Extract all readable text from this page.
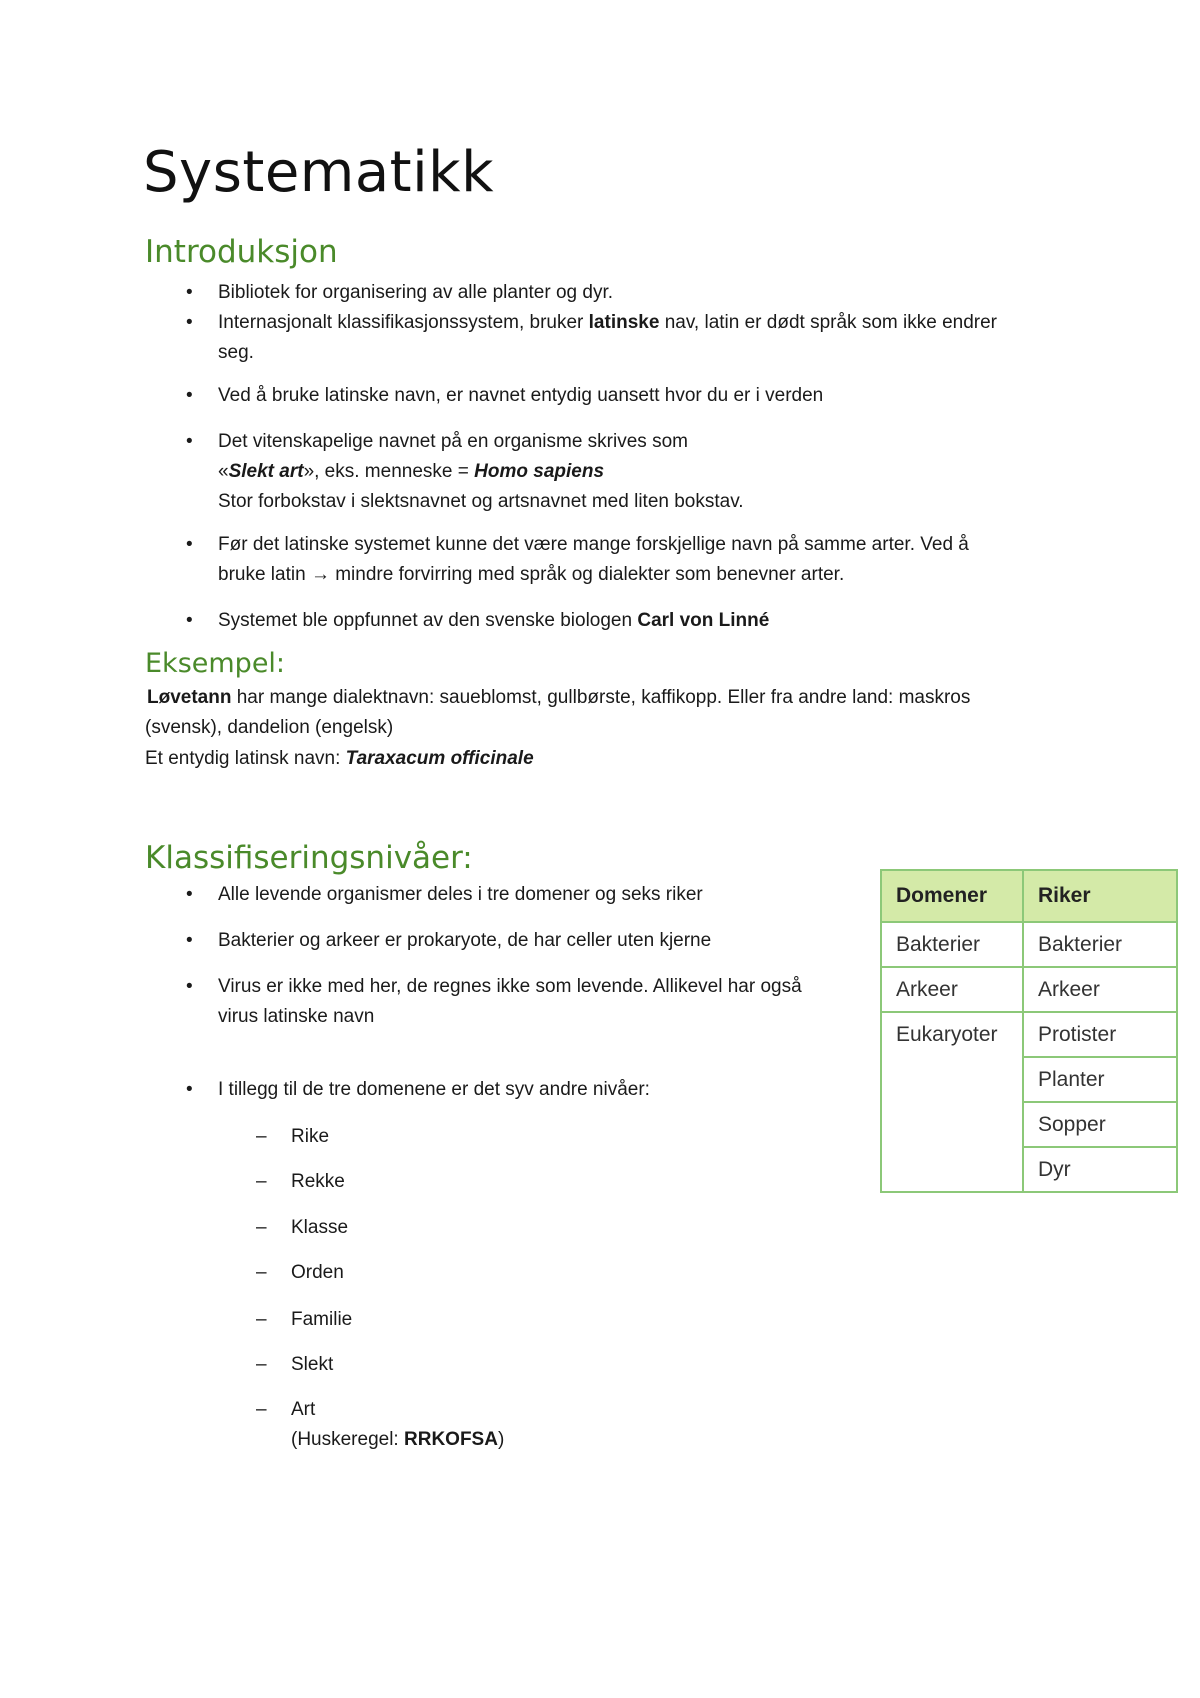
Systematikk
Introduksjon
• Bibliotek for organisering av alle planter og dyr.
• Internasjonalt klassifikasjonssystem, bruker latinske nav, latin er dødt språk som ikke endrer
seg.
• Ved å bruke latinske navn, er navnet entydig uansett hvor du er i verden
• Det vitenskapelige navnet på en organisme skrives som
«Slekt art», eks. menneske = Homo sapiens
Stor forbokstav i slektsnavnet og artsnavnet med liten bokstav.
• Før det latinske systemet kunne det være mange forskjellige navn på samme arter. Ved å
bruke latin → mindre forvirring med språk og dialekter som benevner arter.
• Systemet ble oppfunnet av den svenske biologen Carl von Linné
Eksempel:
Løvetann har mange dialektnavn: saueblomst, gullbørste, kaffikopp. Eller fra andre land: maskros
(svensk), dandelion (engelsk)
Et entydig latinsk navn: Taraxacum officinale
Klassifiseringsnivåer:
• Alle levende organismer deles i tre domener og seks riker
• Bakterier og arkeer er prokaryote, de har celler uten kjerne
• Virus er ikke med her, de regnes ikke som levende. Allikevel har også
virus latinske navn
• I tillegg til de tre domenene er det syv andre nivåer:
– Rike
– Rekke
– Klasse
– Orden
– Familie
– Slekt
– Art
(Huskeregel: RRKOFSA)
Domener	Riker
Bakterier	Bakterier
Arkeer	Arkeer
Eukaryoter	Protister
	Planter
	Sopper
	Dyr
